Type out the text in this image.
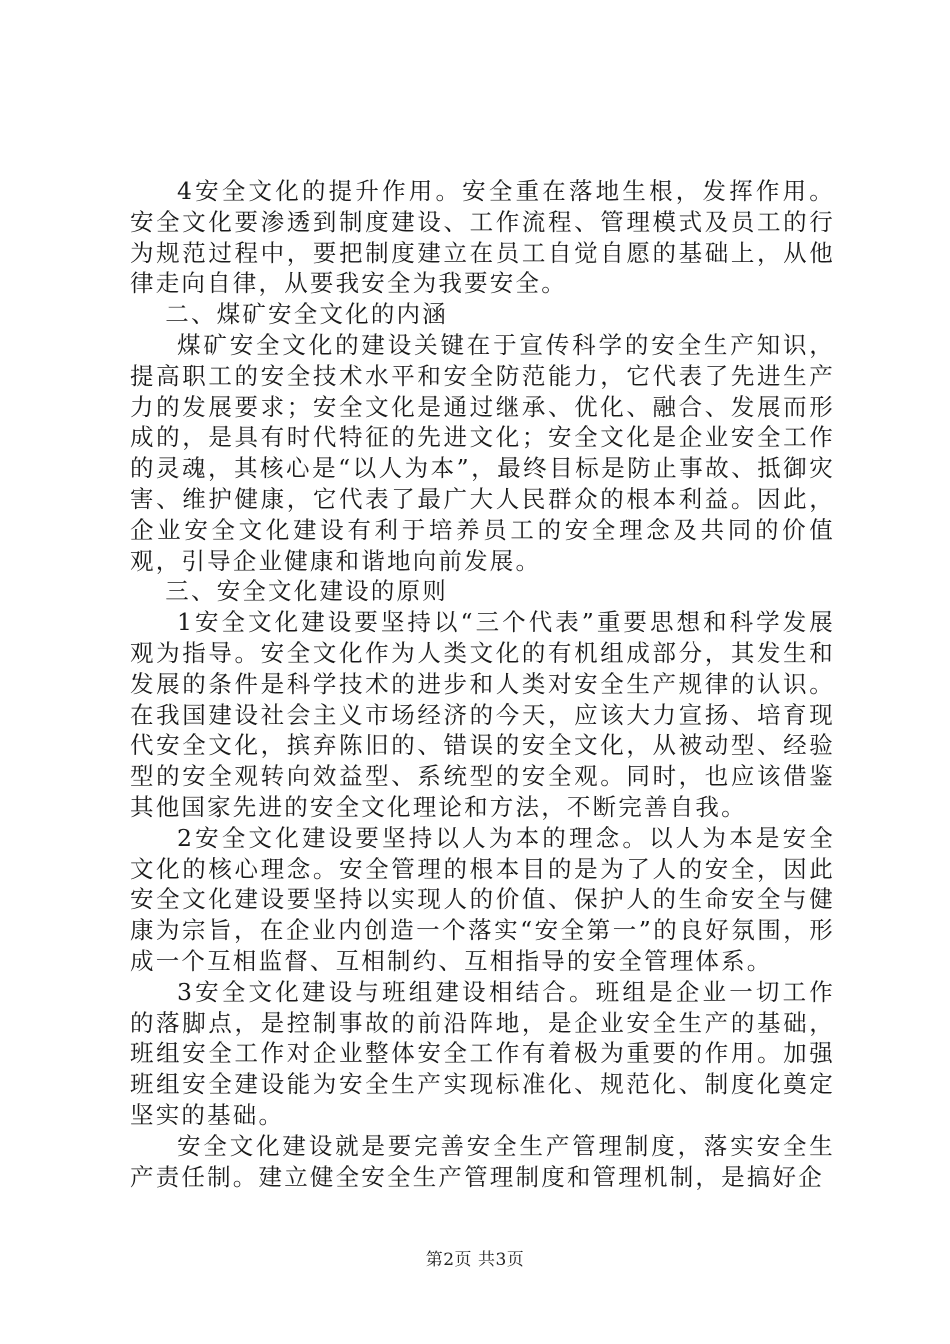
4安全文化的提升作用。安全重在落地生根，发挥作用。安全文化要渗透到制度建设、工作流程、管理模式及员工的行为规范过程中，要把制度建立在员工自觉自愿的基础上，从他律走向自律，从要我安全为我要安全。

二、煤矿安全文化的内涵

煤矿安全文化的建设关键在于宣传科学的安全生产知识，提高职工的安全技术水平和安全防范能力，它代表了先进生产力的发展要求；安全文化是通过继承、优化、融合、发展而形成的，是具有时代特征的先进文化；安全文化是企业安全工作的灵魂，其核心是“以人为本”，最终目标是防止事故、抵御灾害、维护健康，它代表了最广大人民群众的根本利益。因此，企业安全文化建设有利于培养员工的安全理念及共同的价值观，引导企业健康和谐地向前发展。

三、安全文化建设的原则

1安全文化建设要坚持以“三个代表”重要思想和科学发展观为指导。安全文化作为人类文化的有机组成部分，其发生和发展的条件是科学技术的进步和人类对安全生产规律的认识。在我国建设社会主义市场经济的今天，应该大力宣扬、培育现代安全文化，摈弃陈旧的、错误的安全文化，从被动型、经验型的安全观转向效益型、系统型的安全观。同时，也应该借鉴其他国家先进的安全文化理论和方法，不断完善自我。

2安全文化建设要坚持以人为本的理念。以人为本是安全文化的核心理念。安全管理的根本目的是为了人的安全，因此安全文化建设要坚持以实现人的价值、保护人的生命安全与健康为宗旨，在企业内创造一个落实“安全第一”的良好氛围，形成一个互相监督、互相制约、互相指导的安全管理体系。

3安全文化建设与班组建设相结合。班组是企业一切工作的落脚点，是控制事故的前沿阵地，是企业安全生产的基础，班组安全工作对企业整体安全工作有着极为重要的作用。加强班组安全建设能为安全生产实现标准化、规范化、制度化奠定坚实的基础。

安全文化建设就是要完善安全生产管理制度，落实安全生产责任制。建立健全安全生产管理制度和管理机制，是搞好企

第2页 共3页
